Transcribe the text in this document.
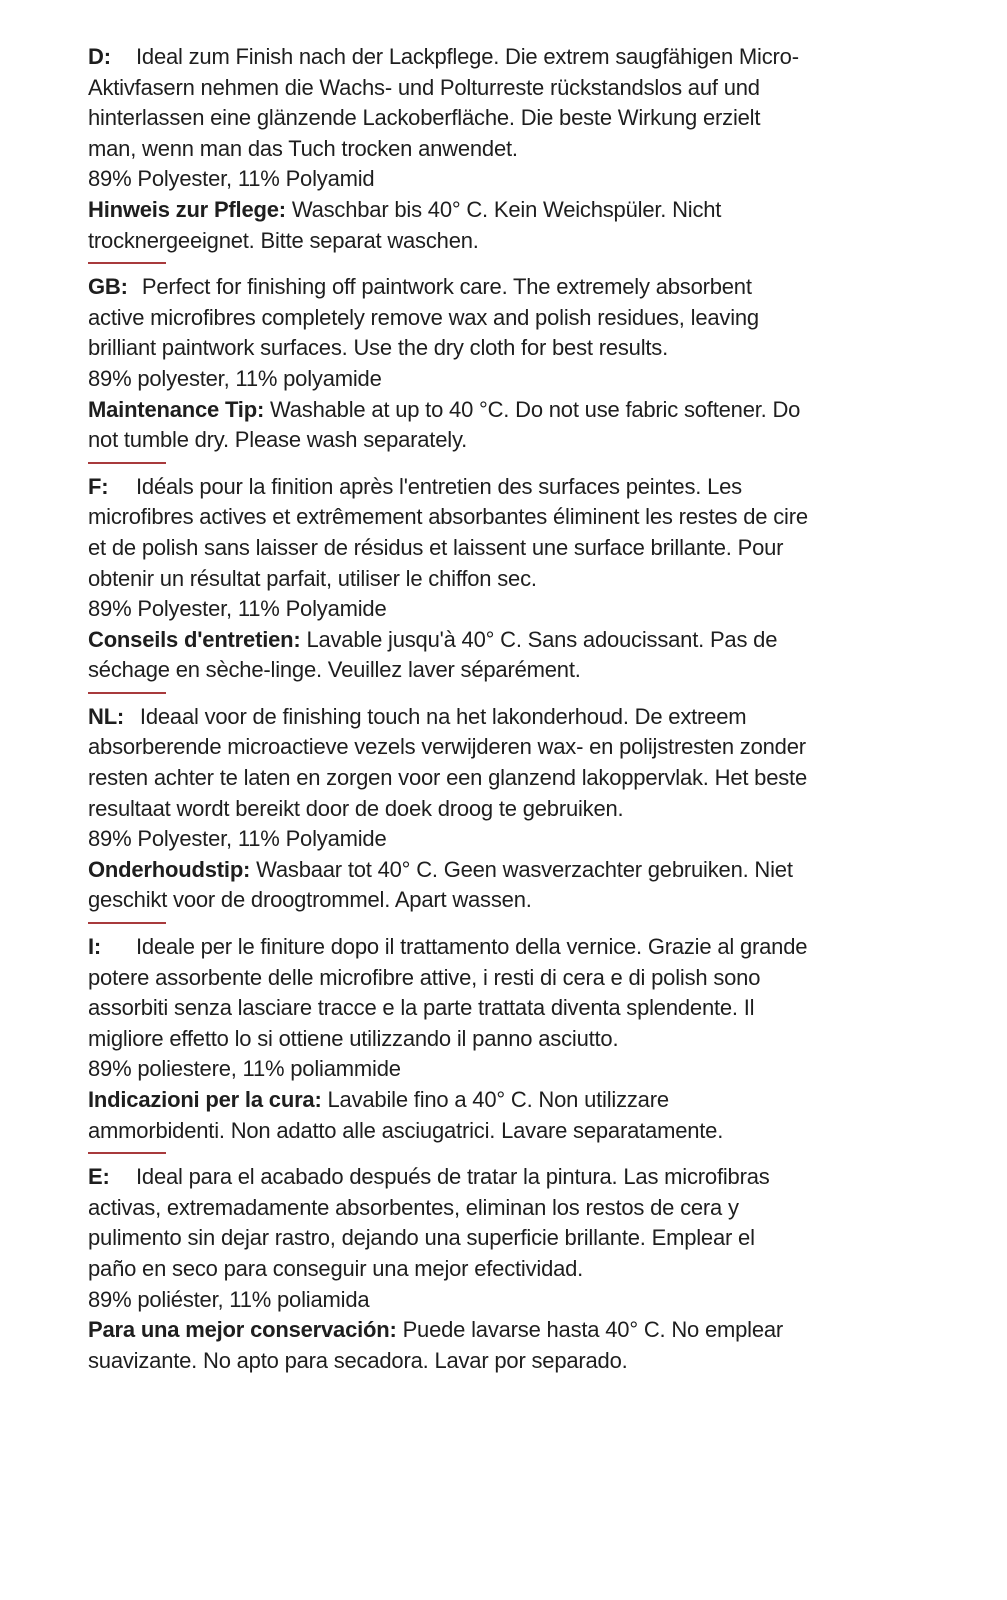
D: Ideal zum Finish nach der Lackpflege. Die extrem saugfähigen Micro-Aktivfasern nehmen die Wachs- und Polturreste rückstandslos auf und hinterlassen eine glänzende Lackoberfläche. Die beste Wirkung erzielt man, wenn man das Tuch trocken anwendet.

89% Polyester, 11% Polyamid

Hinweis zur Pflege: Waschbar bis 40° C. Kein Weichspüler. Nicht trocknergeeignet. Bitte separat waschen.

GB: Perfect for finishing off paintwork care. The extremely absorbent active microfibres completely remove wax and polish residues, leaving brilliant paintwork surfaces. Use the dry cloth for best results.

89% polyester, 11% polyamide

Maintenance Tip: Washable at up to 40 °C. Do not use fabric softener. Do not tumble dry. Please wash separately.

F: Idéals pour la finition après l'entretien des surfaces peintes. Les microfibres actives et extrêmement absorbantes éliminent les restes de cire et de polish sans laisser de résidus et laissent une surface brillante. Pour obtenir un résultat parfait, utiliser le chiffon sec.

89% Polyester, 11% Polyamide

Conseils d'entretien: Lavable jusqu'à 40° C. Sans adoucissant. Pas de séchage en sèche-linge. Veuillez laver séparément.

NL: Ideaal voor de finishing touch na het lakonderhoud. De extreem absorberende microactieve vezels verwijderen wax- en polijstresten zonder resten achter te laten en zorgen voor een glanzend lakoppervlak. Het beste resultaat wordt bereikt door de doek droog te gebruiken.

89% Polyester, 11% Polyamide

Onderhoudstip: Wasbaar tot 40° C. Geen wasverzachter gebruiken. Niet geschikt voor de droogtrommel. Apart wassen.

I: Ideale per le finiture dopo il trattamento della vernice. Grazie al grande potere assorbente delle microfibre attive, i resti di cera e di polish sono assorbiti senza lasciare tracce e la parte trattata diventa splendente. Il migliore effetto lo si ottiene utilizzando il panno asciutto.

89% poliestere, 11% poliammide

Indicazioni per la cura: Lavabile fino a 40° C. Non utilizzare ammorbidenti. Non adatto alle asciugatrici. Lavare separatamente.

E: Ideal para el acabado después de tratar la pintura. Las microfibras activas, extremadamente absorbentes, eliminan los restos de cera y pulimento sin dejar rastro, dejando una superficie brillante. Emplear el paño en seco para conseguir una mejor efectividad.

89% poliéster, 11% poliamida

Para una mejor conservación: Puede lavarse hasta 40° C. No emplear suavizante. No apto para secadora. Lavar por separado.
